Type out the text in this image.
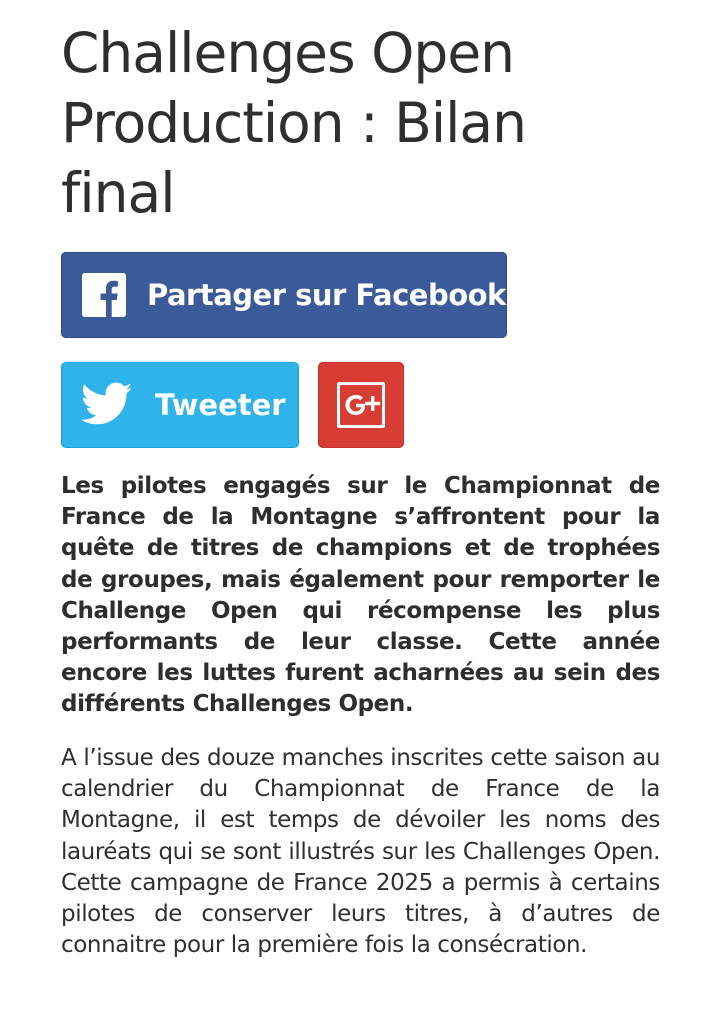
Challenges Open Production : Bilan final
Partager sur Facebook
Tweeter

Les pilotes engagés sur le Championnat de France de la Montagne s’affrontent pour la quête de titres de champions et de trophées de groupes, mais également pour remporter le Challenge Open qui récompense les plus performants de leur classe. Cette année encore les luttes furent acharnées au sein des différents Challenges Open.

A l’issue des douze manches inscrites cette saison au calendrier du Championnat de France de la Montagne, il est temps de dévoiler les noms des lauréats qui se sont illustrés sur les Challenges Open. Cette campagne de France 2025 a permis à certains pilotes de conserver leurs titres, à d’autres de connaitre pour la première fois la consécration.
